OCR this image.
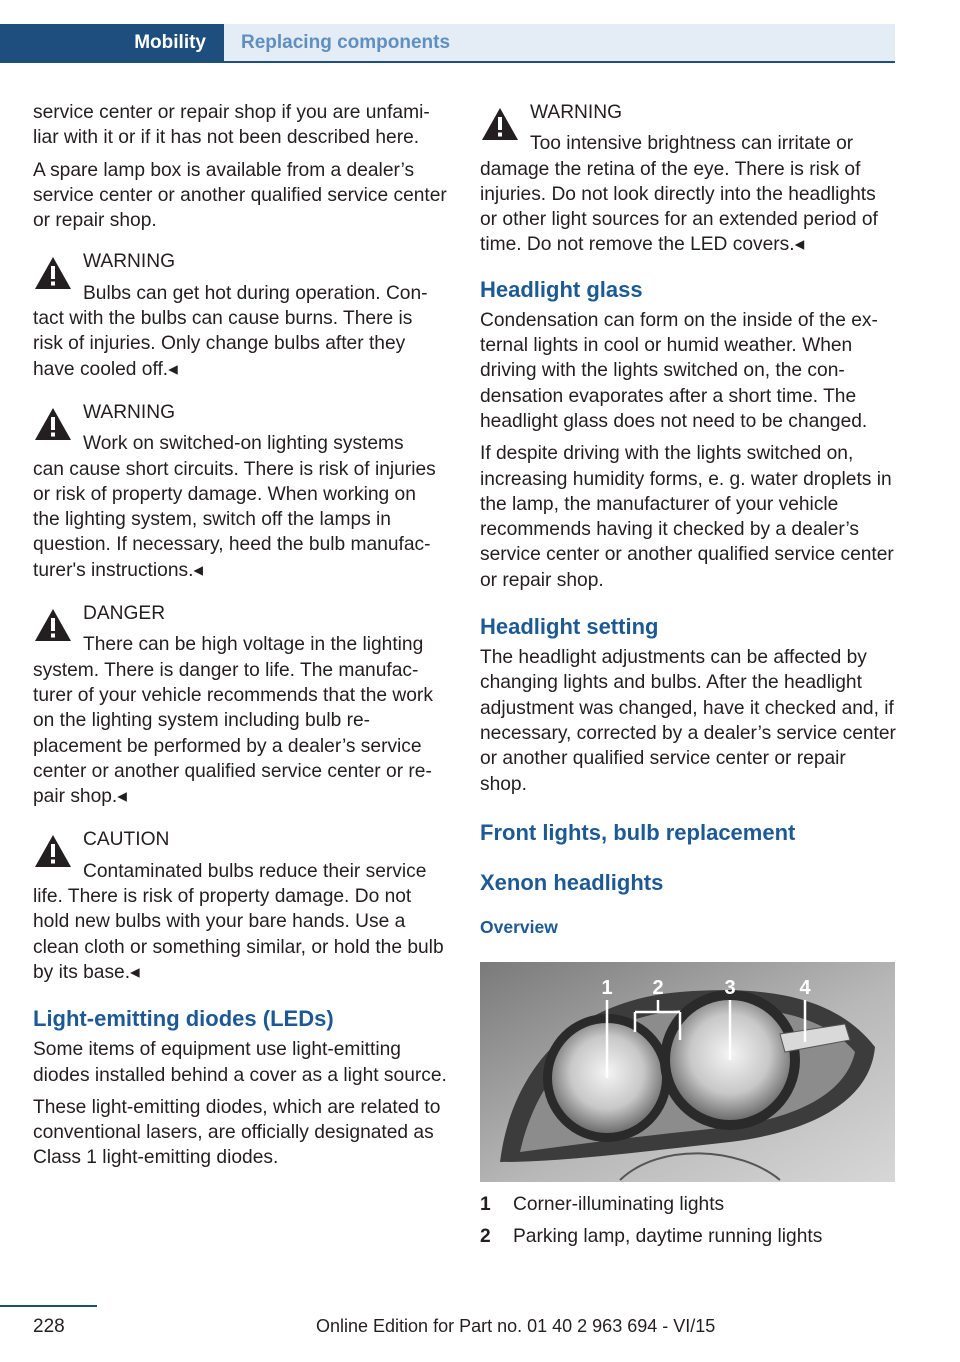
Mobility	Replacing components

service center or repair shop if you are unfamiliar with it or if it has not been described here.

A spare lamp box is available from a dealer’s service center or another qualified service center or repair shop.

WARNING
Bulbs can get hot during operation. Con-
tact with the bulbs can cause burns. There is risk of injuries. Only change bulbs after they have cooled off.◂
WARNING
Work on switched-on lighting systems
can cause short circuits. There is risk of injuries or risk of property damage. When working on the lighting system, switch off the lamps in question. If necessary, heed the bulb manufacturer's instructions.◂
DANGER
There can be high voltage in the lighting
system. There is danger to life. The manufacturer of your vehicle recommends that the work on the lighting system including bulb replacement be performed by a dealer’s service center or another qualified service center or repair shop.◂
CAUTION
Contaminated bulbs reduce their service
life. There is risk of property damage. Do not hold new bulbs with your bare hands. Use a clean cloth or something similar, or hold the bulb by its base.◂
Light-emitting diodes (LEDs)

Some items of equipment use light-emitting diodes installed behind a cover as a light source.

These light-emitting diodes, which are related to conventional lasers, are officially designated as Class 1 light-emitting diodes.

WARNING
Too intensive brightness can irritate or
damage the retina of the eye. There is risk of injuries. Do not look directly into the headlights or other light sources for an extended period of time. Do not remove the LED covers.◂
Headlight glass

Condensation can form on the inside of the external lights in cool or humid weather. When driving with the lights switched on, the condensation evaporates after a short time. The headlight glass does not need to be changed.

If despite driving with the lights switched on, increasing humidity forms, e. g. water droplets in the lamp, the manufacturer of your vehicle recommends having it checked by a dealer’s service center or another qualified service center or repair shop.

Headlight setting

The headlight adjustments can be affected by changing lights and bulbs. After the headlight adjustment was changed, have it checked and, if necessary, corrected by a dealer’s service center or another qualified service center or repair shop.

Front lights, bulb replacement
Xenon headlights
Overview
1 2	3	4
1	Corner-illuminating lights
2	Parking lamp, daytime running lights
228	Online Edition for Part no. 01 40 2 963 694 - VI/15
